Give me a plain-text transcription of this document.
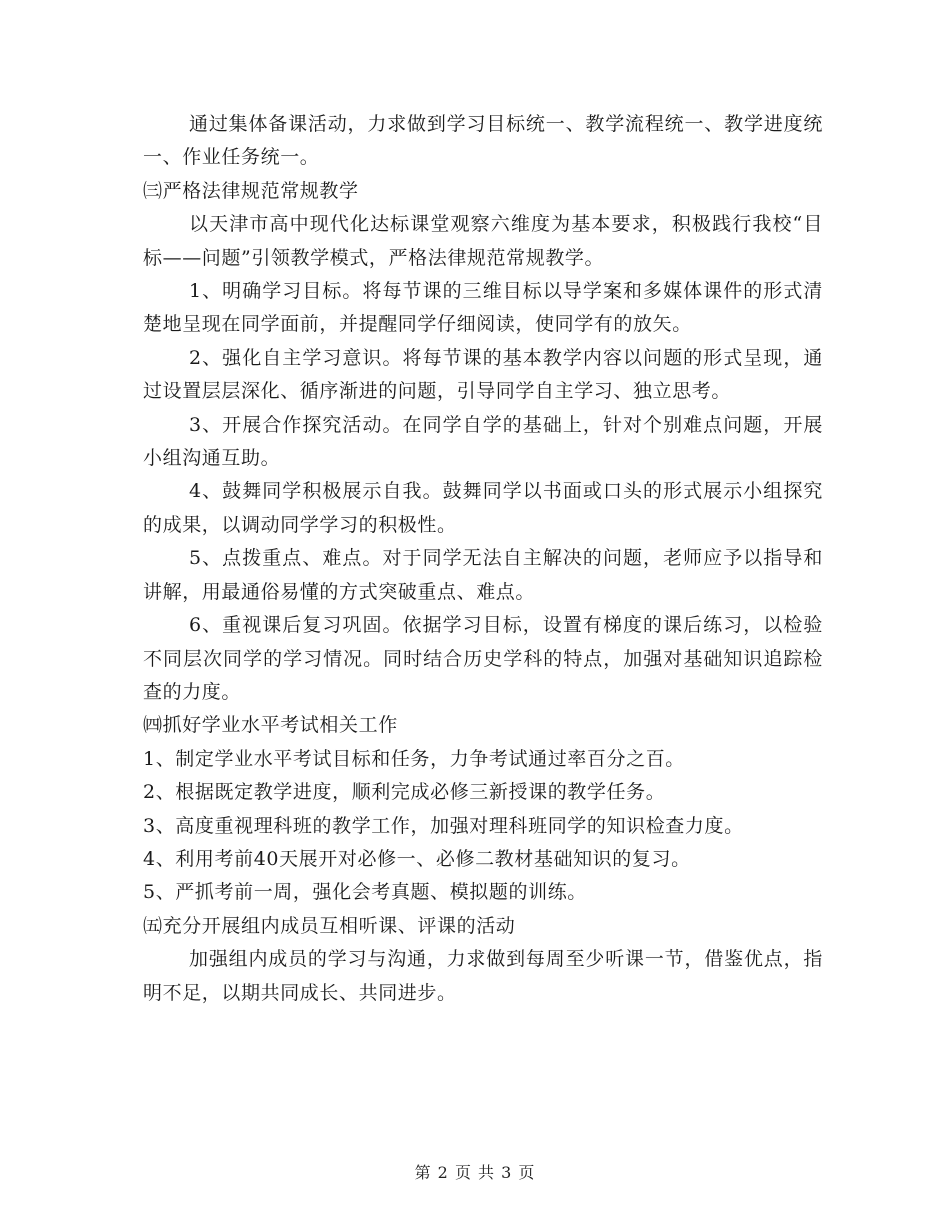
通过集体备课活动，力求做到学习目标统一、教学流程统一、教学进度统一、作业任务统一。

㈢严格法律规范常规教学

以天津市高中现代化达标课堂观察六维度为基本要求，积极践行我校“目标——问题”引领教学模式，严格法律规范常规教学。

1、明确学习目标。将每节课的三维目标以导学案和多媒体课件的形式清楚地呈现在同学面前，并提醒同学仔细阅读，使同学有的放矢。

2、强化自主学习意识。将每节课的基本教学内容以问题的形式呈现，通过设置层层深化、循序渐进的问题，引导同学自主学习、独立思考。

3、开展合作探究活动。在同学自学的基础上，针对个别难点问题，开展小组沟通互助。

4、鼓舞同学积极展示自我。鼓舞同学以书面或口头的形式展示小组探究的成果，以调动同学学习的积极性。

5、点拨重点、难点。对于同学无法自主解决的问题，老师应予以指导和讲解，用最通俗易懂的方式突破重点、难点。

6、重视课后复习巩固。依据学习目标，设置有梯度的课后练习，以检验不同层次同学的学习情况。同时结合历史学科的特点，加强对基础知识追踪检查的力度。

㈣抓好学业水平考试相关工作

1、制定学业水平考试目标和任务，力争考试通过率百分之百。

2、根据既定教学进度，顺利完成必修三新授课的教学任务。

3、高度重视理科班的教学工作，加强对理科班同学的知识检查力度。

4、利用考前40天展开对必修一、必修二教材基础知识的复习。

5、严抓考前一周，强化会考真题、模拟题的训练。

㈤充分开展组内成员互相听课、评课的活动

加强组内成员的学习与沟通，力求做到每周至少听课一节，借鉴优点，指明不足，以期共同成长、共同进步。

第 2 页 共 3 页
